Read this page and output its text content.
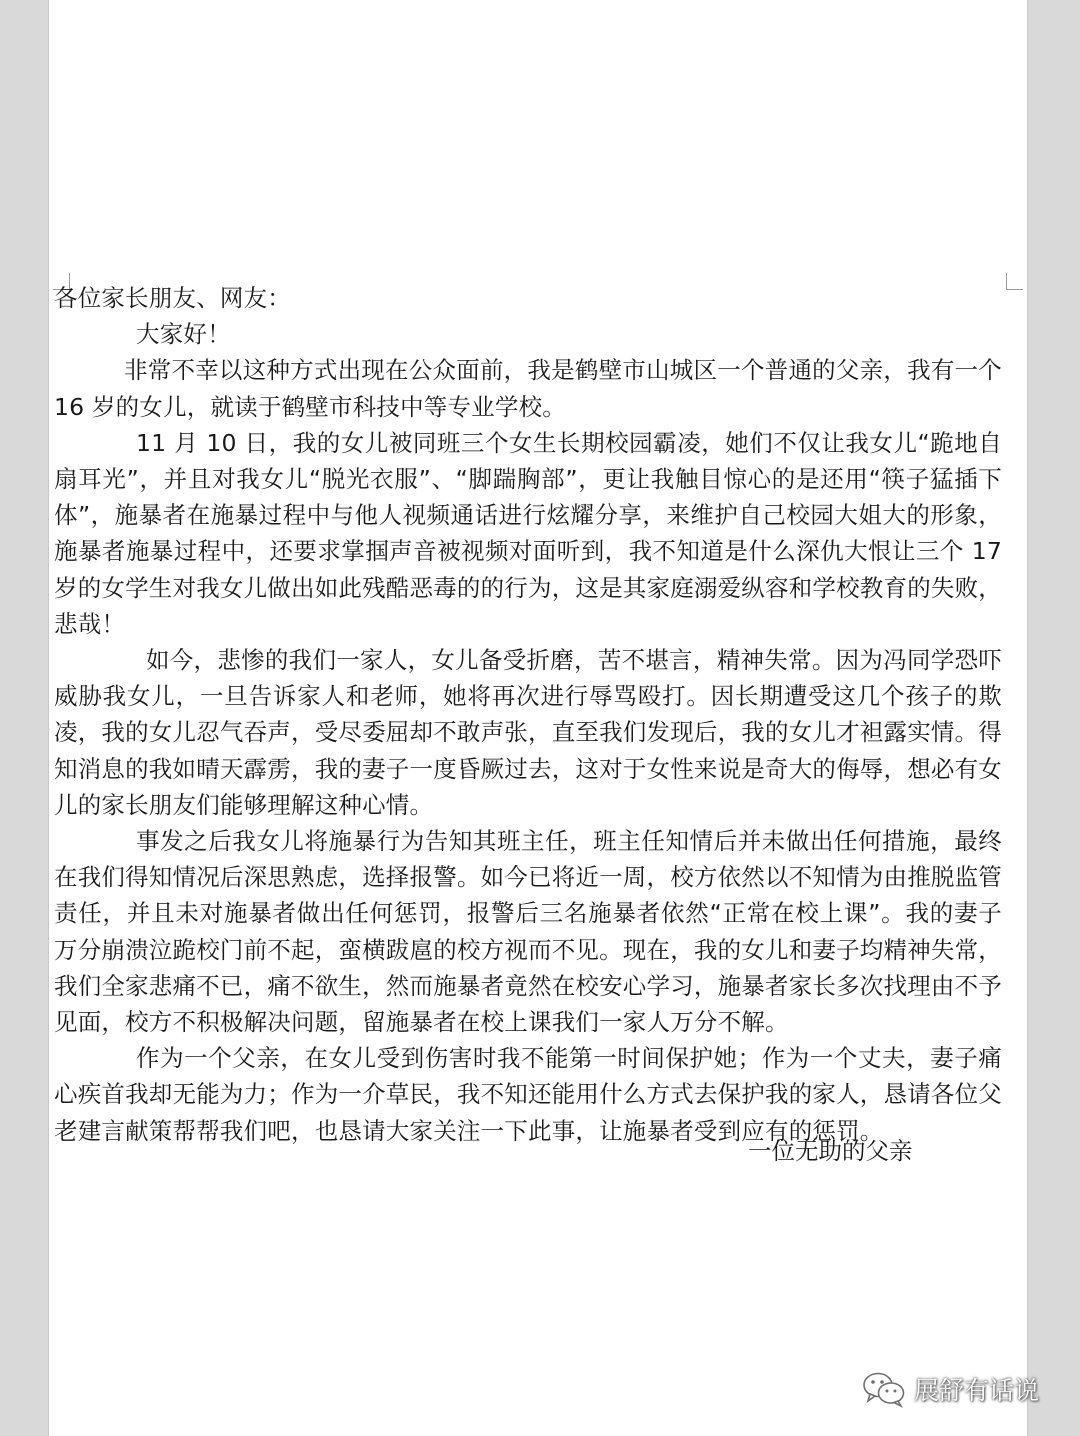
各位家长朋友、网友：

大家好！

非常不幸以这种方式出现在公众面前，我是鹤壁市山城区一个普通的父亲，我有一个 16 岁的女儿，就读于鹤壁市科技中等专业学校。

11 月 10 日，我的女儿被同班三个女生长期校园霸凌，她们不仅让我女儿“跪地自扇耳光”，并且对我女儿“脱光衣服”、“脚踹胸部”，更让我触目惊心的是还用“筷子猛插下体”，施暴者在施暴过程中与他人视频通话进行炫耀分享，来维护自己校园大姐大的形象，施暴者施暴过程中，还要求掌掴声音被视频对面听到，我不知道是什么深仇大恨让三个 17 岁的女学生对我女儿做出如此残酷恶毒的的行为，这是其家庭溺爱纵容和学校教育的失败，悲哉！

如今，悲惨的我们一家人，女儿备受折磨，苦不堪言，精神失常。因为冯同学恐吓威胁我女儿，一旦告诉家人和老师，她将再次进行辱骂殴打。因长期遭受这几个孩子的欺凌，我的女儿忍气吞声，受尽委屈却不敢声张，直至我们发现后，我的女儿才袒露实情。得知消息的我如晴天霹雳，我的妻子一度昏厥过去，这对于女性来说是奇大的侮辱，想必有女儿的家长朋友们能够理解这种心情。

事发之后我女儿将施暴行为告知其班主任，班主任知情后并未做出任何措施，最终在我们得知情况后深思熟虑，选择报警。如今已将近一周，校方依然以不知情为由推脱监管责任，并且未对施暴者做出任何惩罚，报警后三名施暴者依然“正常在校上课”。我的妻子万分崩溃泣跪校门前不起，蛮横跋扈的校方视而不见。现在，我的女儿和妻子均精神失常，我们全家悲痛不已，痛不欲生，然而施暴者竟然在校安心学习，施暴者家长多次找理由不予见面，校方不积极解决问题，留施暴者在校上课我们一家人万分不解。

作为一个父亲，在女儿受到伤害时我不能第一时间保护她；作为一个丈夫，妻子痛心疾首我却无能为力；作为一介草民，我不知还能用什么方式去保护我的家人，恳请各位父老建言献策帮帮我们吧，也恳请大家关注一下此事，让施暴者受到应有的惩罚。

一位无助的父亲
展舒有话说
